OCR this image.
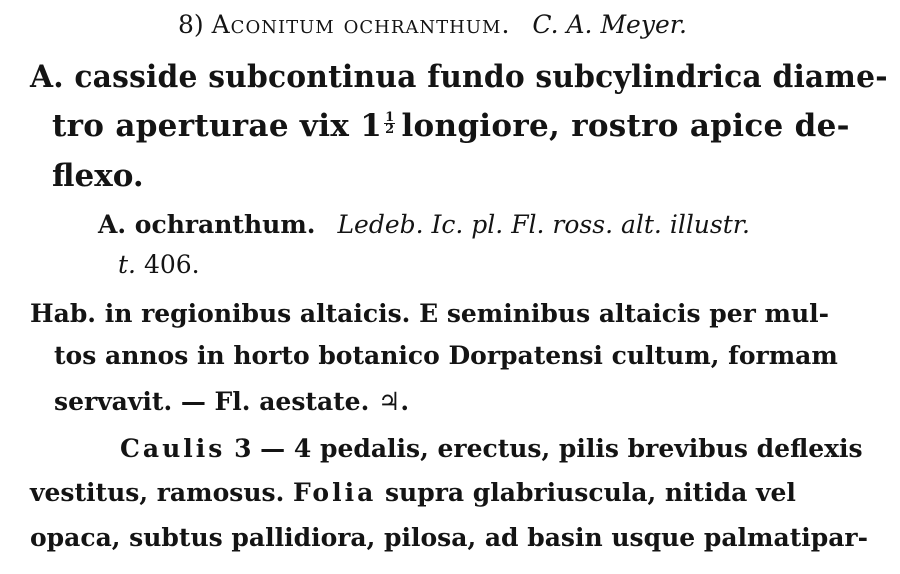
8) Aconitum ochranthum. C. A. Meyer.
A. casside subcontinua fundo subcylindrica diame-
tro aperturae vix $1 \frac{1}{2}$ longiore, rostro apice de-
flexo.
A. ochranthum. Ledeb. Ic. pl. Fl. ross. alt. illustr.
t. 406.
Hab. in regionibus altaicis. E seminibus altaicis per mul-
tos annos in horto botanico Dorpatensi cultum, formam
servavit. — Fl. aestate. ♃.
Caulis 3 — 4 pedalis, erectus, pilis brevibus deflexis
vestitus, ramosus. Folia supra glabriuscula, nitida vel
opaca, subtus pallidiora, pilosa, ad basin usque palmatipar-
